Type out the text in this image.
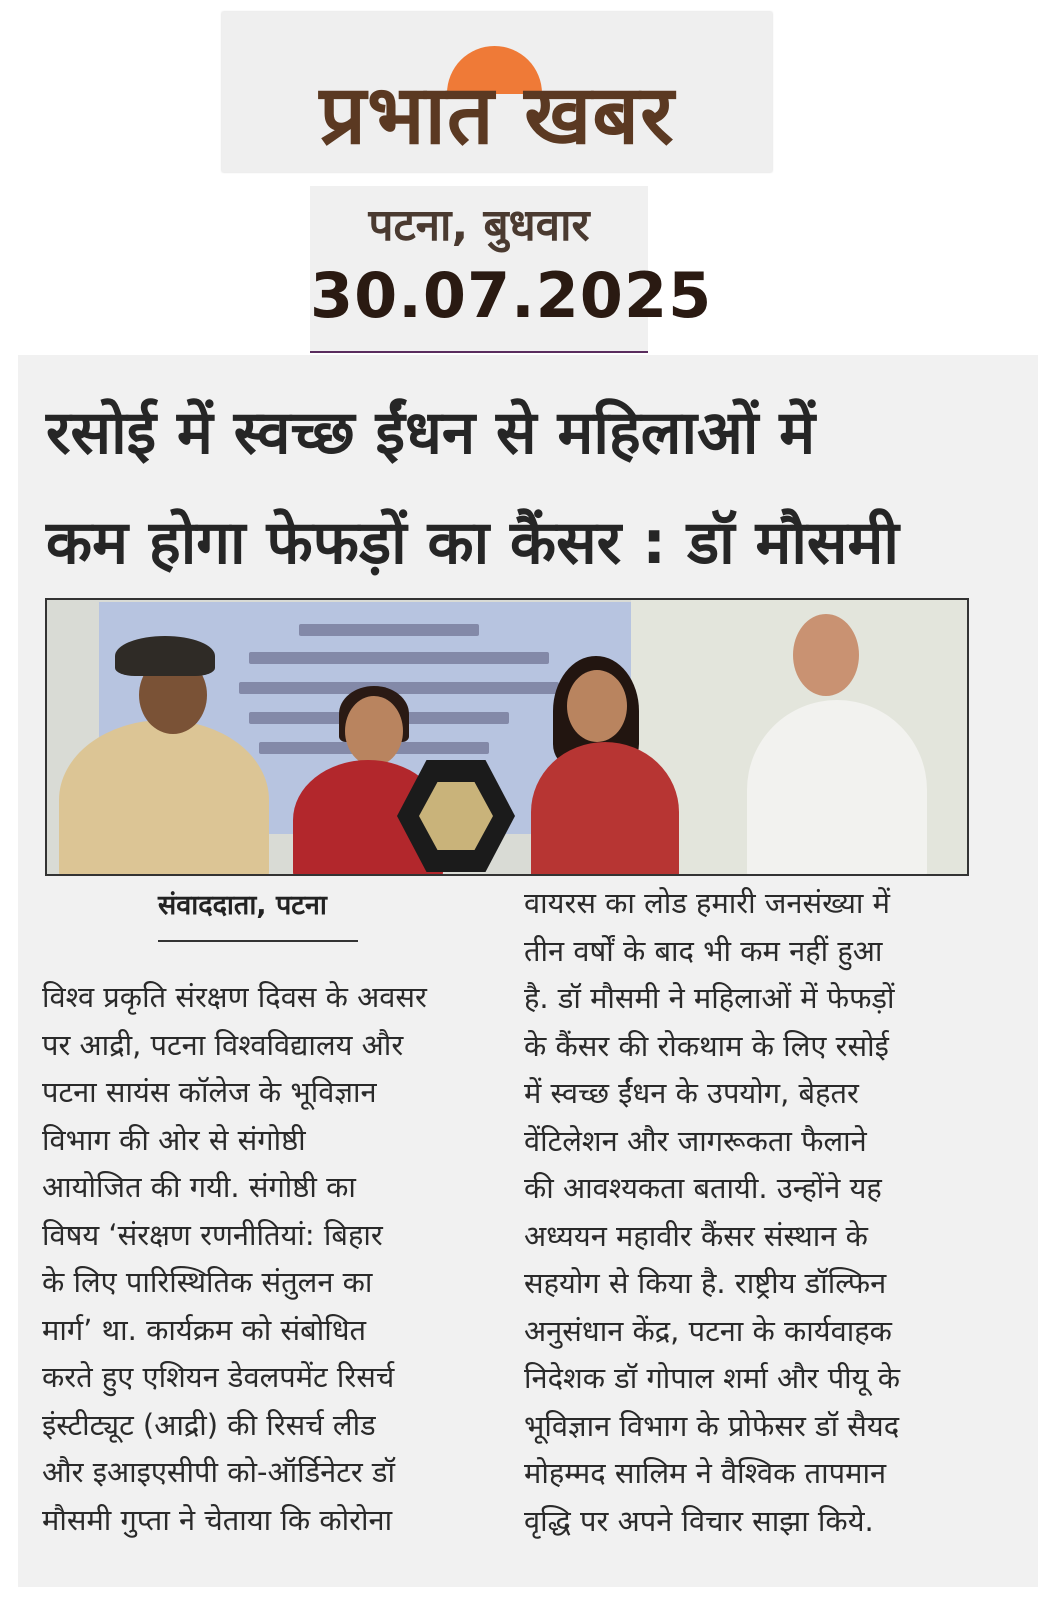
प्रभात खबर
पटना, बुधवार
30.07.2025
रसोई में स्वच्छ ईंधन से महिलाओं में
कम होगा फेफड़ों का कैंसर : डॉ मौसमी
संवाददाता, पटना
विश्व प्रकृति संरक्षण दिवस के अवसर
पर आद्री, पटना विश्वविद्यालय और
पटना सायंस कॉलेज के भूविज्ञान
विभाग की ओर से संगोष्ठी
आयोजित की गयी. संगोष्ठी का
विषय ‘संरक्षण रणनीतियां: बिहार
के लिए पारिस्थितिक संतुलन का
मार्ग’ था. कार्यक्रम को संबोधित
करते हुए एशियन डेवलपमेंट रिसर्च
इंस्टीट्यूट (आद्री) की रिसर्च लीड
और इआइएसीपी को-ऑर्डिनेटर डॉ
मौसमी गुप्ता ने चेताया कि कोरोना
वायरस का लोड हमारी जनसंख्या में
तीन वर्षों के बाद भी कम नहीं हुआ
है. डॉ मौसमी ने महिलाओं में फेफड़ों
के कैंसर की रोकथाम के लिए रसोई
में स्वच्छ ईंधन के उपयोग, बेहतर
वेंटिलेशन और जागरूकता फैलाने
की आवश्यकता बतायी. उन्होंने यह
अध्ययन महावीर कैंसर संस्थान के
सहयोग से किया है. राष्ट्रीय डॉल्फिन
अनुसंधान केंद्र, पटना के कार्यवाहक
निदेशक डॉ गोपाल शर्मा और पीयू के
भूविज्ञान विभाग के प्रोफेसर डॉ सैयद
मोहम्मद सालिम ने वैश्विक तापमान
वृद्धि पर अपने विचार साझा किये.
